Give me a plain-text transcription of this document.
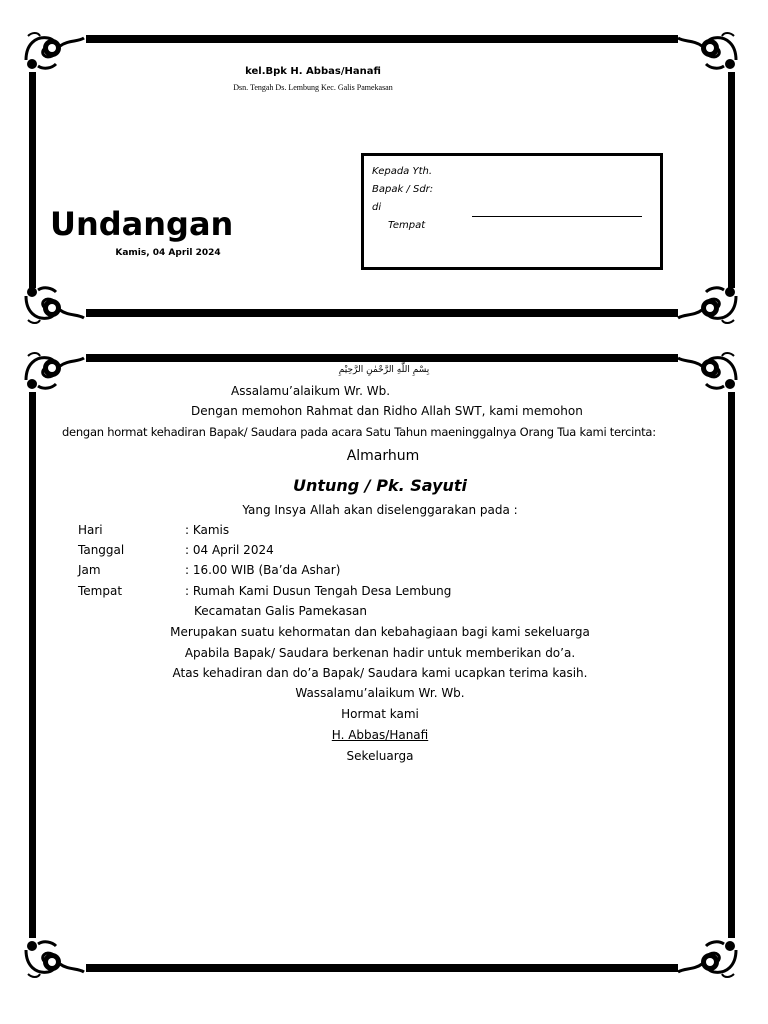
kel.Bpk H. Abbas/Hanafi
Dsn. Tengah Ds. Lembung Kec. Galis Pamekasan
Undangan
Kamis, 04 April 2024
Kepada Yth.
Bapak / Sdr:
di
Tempat
بِسْمِ اللّٰهِ الرَّحْمٰنِ الرَّحِيْمِ
Assalamu’alaikum Wr. Wb.
Dengan memohon Rahmat dan Ridho Allah SWT, kami memohon
dengan hormat kehadiran Bapak/ Saudara pada acara Satu Tahun maeninggalnya Orang Tua kami tercinta:
Almarhum
Untung / Pk. Sayuti
Yang Insya Allah akan diselenggarakan pada :
Hari	: Kamis
Tanggal	: 04 April 2024
Jam	: 16.00 WIB (Ba’da Ashar)
Tempat	: Rumah Kami Dusun Tengah Desa Lembung
Kecamatan Galis Pamekasan
Merupakan suatu kehormatan dan kebahagiaan bagi kami sekeluarga
Apabila Bapak/ Saudara berkenan hadir untuk memberikan do’a.
Atas kehadiran dan do’a Bapak/ Saudara kami ucapkan terima kasih.
Wassalamu’alaikum Wr. Wb.
Hormat kami
H. Abbas/Hanafi
Sekeluarga
